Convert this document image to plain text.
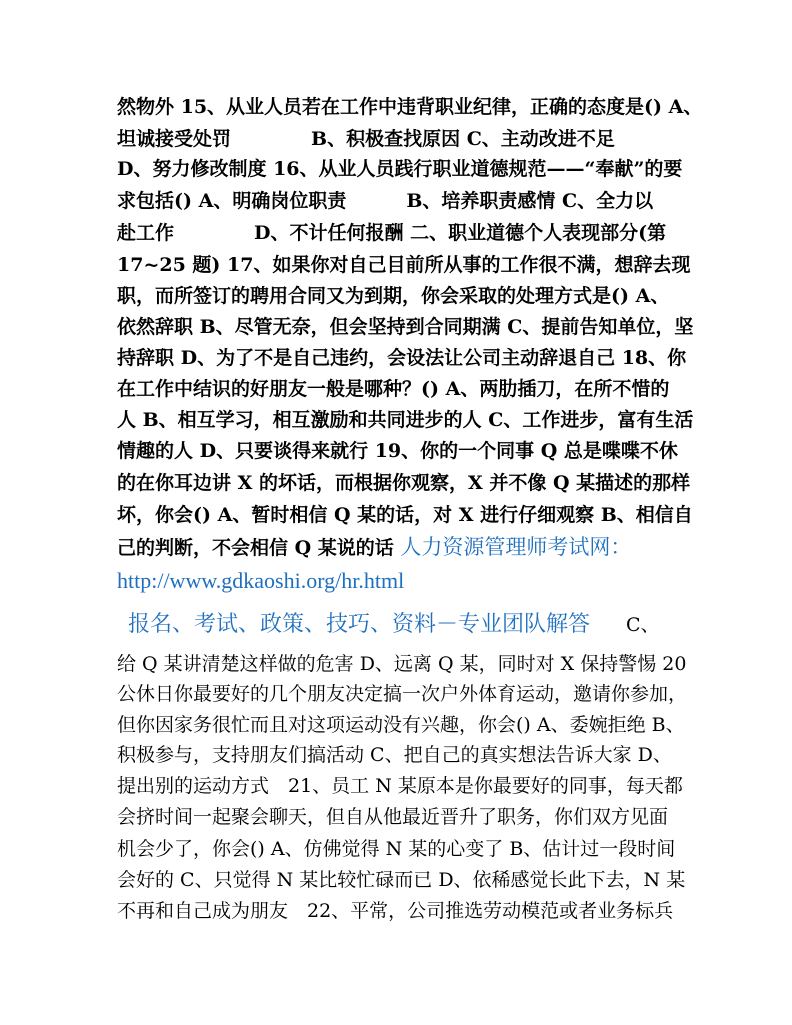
然物外 15、从业人员若在工作中违背职业纪律，正确的态度是() A、
坦诚接受处罚	B、积极查找原因 C、主动改进不足
D、努力修改制度 16、从业人员践行职业道德规范——“奉献”的要
求包括() A、明确岗位职责	B、培养职责感情 C、全力以
赴工作	D、不计任何报酬 二、职业道德个人表现部分(第
17~25 题) 17、如果你对自己目前所从事的工作很不满，想辞去现
职，而所签订的聘用合同又为到期，你会采取的处理方式是() A、
依然辞职 B、尽管无奈，但会坚持到合同期满 C、提前告知单位，坚
持辞职 D、为了不是自己违约，会设法让公司主动辞退自己 18、你
在工作中结识的好朋友一般是哪种？() A、两肋插刀，在所不惜的
人 B、相互学习，相互激励和共同进步的人 C、工作进步，富有生活
情趣的人 D、只要谈得来就行 19、你的一个同事 Q 总是喋喋不休
的在你耳边讲 X 的坏话，而根据你观察，X 并不像 Q 某描述的那样
坏，你会() A、暂时相信 Q 某的话，对 X 进行仔细观察 B、相信自
己的判断，不会相信 Q 某说的话 人力资源管理师考试网：
http://www.gdkaoshi.org/hr.html
报名、考试、政策、技巧、资料－专业团队解答 C、
给 Q 某讲清楚这样做的危害 D、远离 Q 某，同时对 X 保持警惕 20
公休日你最要好的几个朋友决定搞一次户外体育运动，邀请你参加，
但你因家务很忙而且对这项运动没有兴趣，你会() A、委婉拒绝 B、
积极参与，支持朋友们搞活动 C、把自己的真实想法告诉大家 D、
提出别的运动方式　21、员工 N 某原本是你最要好的同事，每天都
会挤时间一起聚会聊天，但自从他最近晋升了职务，你们双方见面
机会少了，你会() A、仿佛觉得 N 某的心变了 B、估计过一段时间
会好的 C、只觉得 N 某比较忙碌而已 D、依稀感觉长此下去，N 某
不再和自己成为朋友　22、平常，公司推选劳动模范或者业务标兵
